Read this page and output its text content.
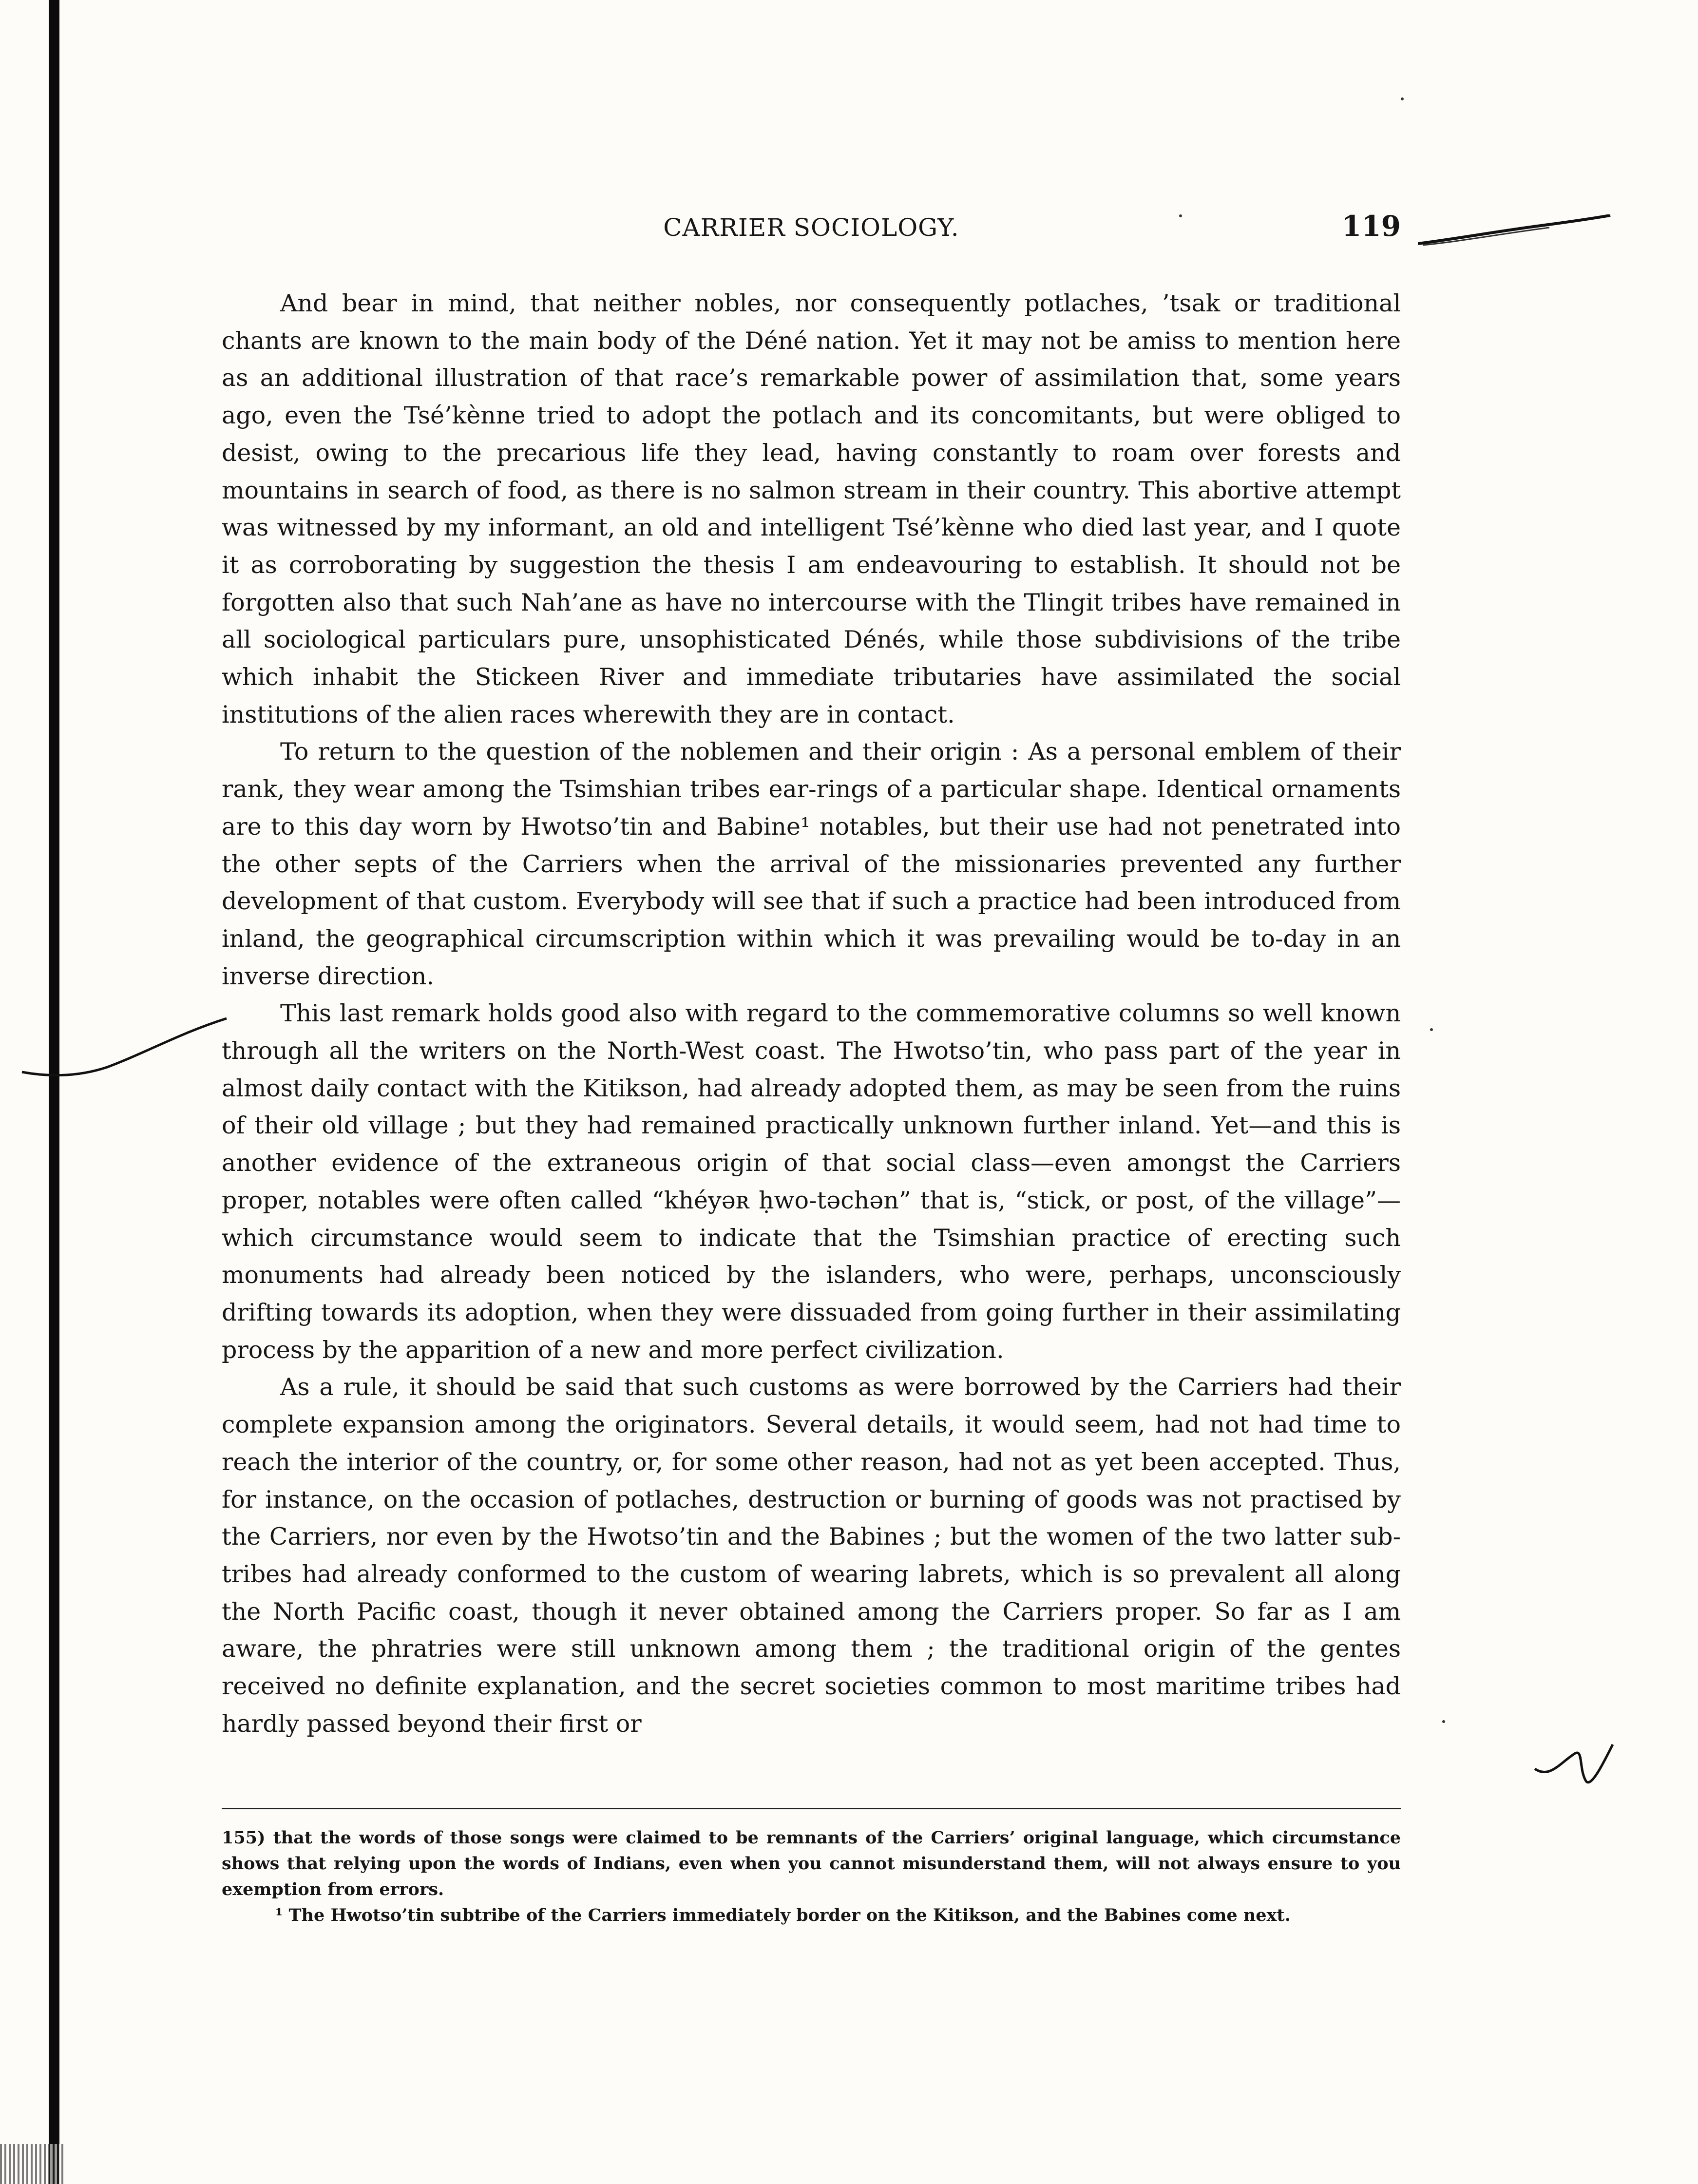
CARRIER SOCIOLOGY.	119

And bear in mind, that neither nobles, nor consequently potlaches, ’tsak or traditional chants are known to the main body of the Déné nation. Yet it may not be amiss to mention here as an additional illustration of that race’s remarkable power of assimilation that, some years ago, even the Tsé’kènne tried to adopt the potlach and its concomitants, but were obliged to desist, owing to the precarious life they lead, having constantly to roam over forests and mountains in search of food, as there is no salmon stream in their country. This abortive attempt was witnessed by my informant, an old and intelligent Tsé’kènne who died last year, and I quote it as corroborating by suggestion the thesis I am endeavouring to establish. It should not be forgotten also that such Nah’ane as have no intercourse with the Tlingit tribes have remained in all sociological particulars pure, unsophisticated Dénés, while those subdivisions of the tribe which inhabit the Stickeen River and immediate tributaries have assimilated the social institutions of the alien races wherewith they are in contact.

To return to the question of the noblemen and their origin : As a personal emblem of their rank, they wear among the Tsimshian tribes ear-rings of a particular shape. Identical ornaments are to this day worn by Hwotso’tin and Babine¹ notables, but their use had not penetrated into the other septs of the Carriers when the arrival of the missionaries prevented any further development of that custom. Everybody will see that if such a practice had been introduced from inland, the geographical circumscription within which it was prevailing would be to-day in an inverse direction.

This last remark holds good also with regard to the commemorative columns so well known through all the writers on the North-West coast. The Hwotso’tin, who pass part of the year in almost daily contact with the Kitikson, had already adopted them, as may be seen from the ruins of their old village ; but they had remained practically unknown further inland. Yet—and this is another evidence of the extraneous origin of that social class—even amongst the Carriers proper, notables were often called “khéyəʀ ḥwo-təchən” that is, “stick, or post, of the village”—which circumstance would seem to indicate that the Tsimshian practice of erecting such monuments had already been noticed by the islanders, who were, perhaps, unconsciously drifting towards its adoption, when they were dissuaded from going further in their assimilating process by the apparition of a new and more perfect civilization.

As a rule, it should be said that such customs as were borrowed by the Carriers had their complete expansion among the originators. Several details, it would seem, had not had time to reach the interior of the country, or, for some other reason, had not as yet been accepted. Thus, for instance, on the occasion of potlaches, destruction or burning of goods was not practised by the Carriers, nor even by the Hwotso’tin and the Babines ; but the women of the two latter sub-tribes had already conformed to the custom of wearing labrets, which is so prevalent all along the North Pacific coast, though it never obtained among the Carriers proper. So far as I am aware, the phratries were still unknown among them ; the traditional origin of the gentes received no definite explanation, and the secret societies common to most maritime tribes had hardly passed beyond their first or

155) that the words of those songs were claimed to be remnants of the Carriers’ original language, which circumstance shows that relying upon the words of Indians, even when you cannot misunderstand them, will not always ensure to you exemption from errors.

¹ The Hwotso’tin subtribe of the Carriers immediately border on the Kitikson, and the Babines come next.
